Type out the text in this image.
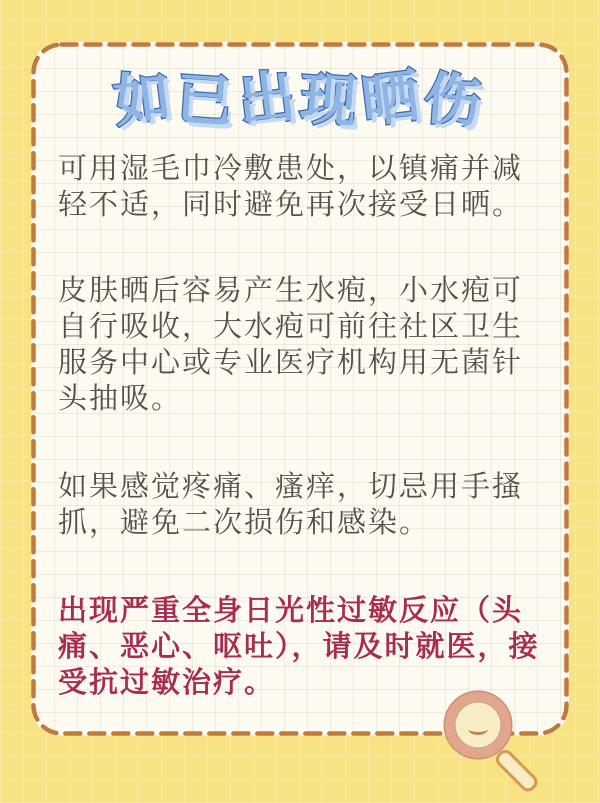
如已出现晒伤

可用湿毛巾冷敷患处，以镇痛并减轻不适，同时避免再次接受日晒。

皮肤晒后容易产生水疱，小水疱可自行吸收，大水疱可前往社区卫生服务中心或专业医疗机构用无菌针头抽吸。

如果感觉疼痛、瘙痒，切忌用手搔抓，避免二次损伤和感染。

出现严重全身日光性过敏反应（头痛、恶心、呕吐），请及时就医，接受抗过敏治疗。
